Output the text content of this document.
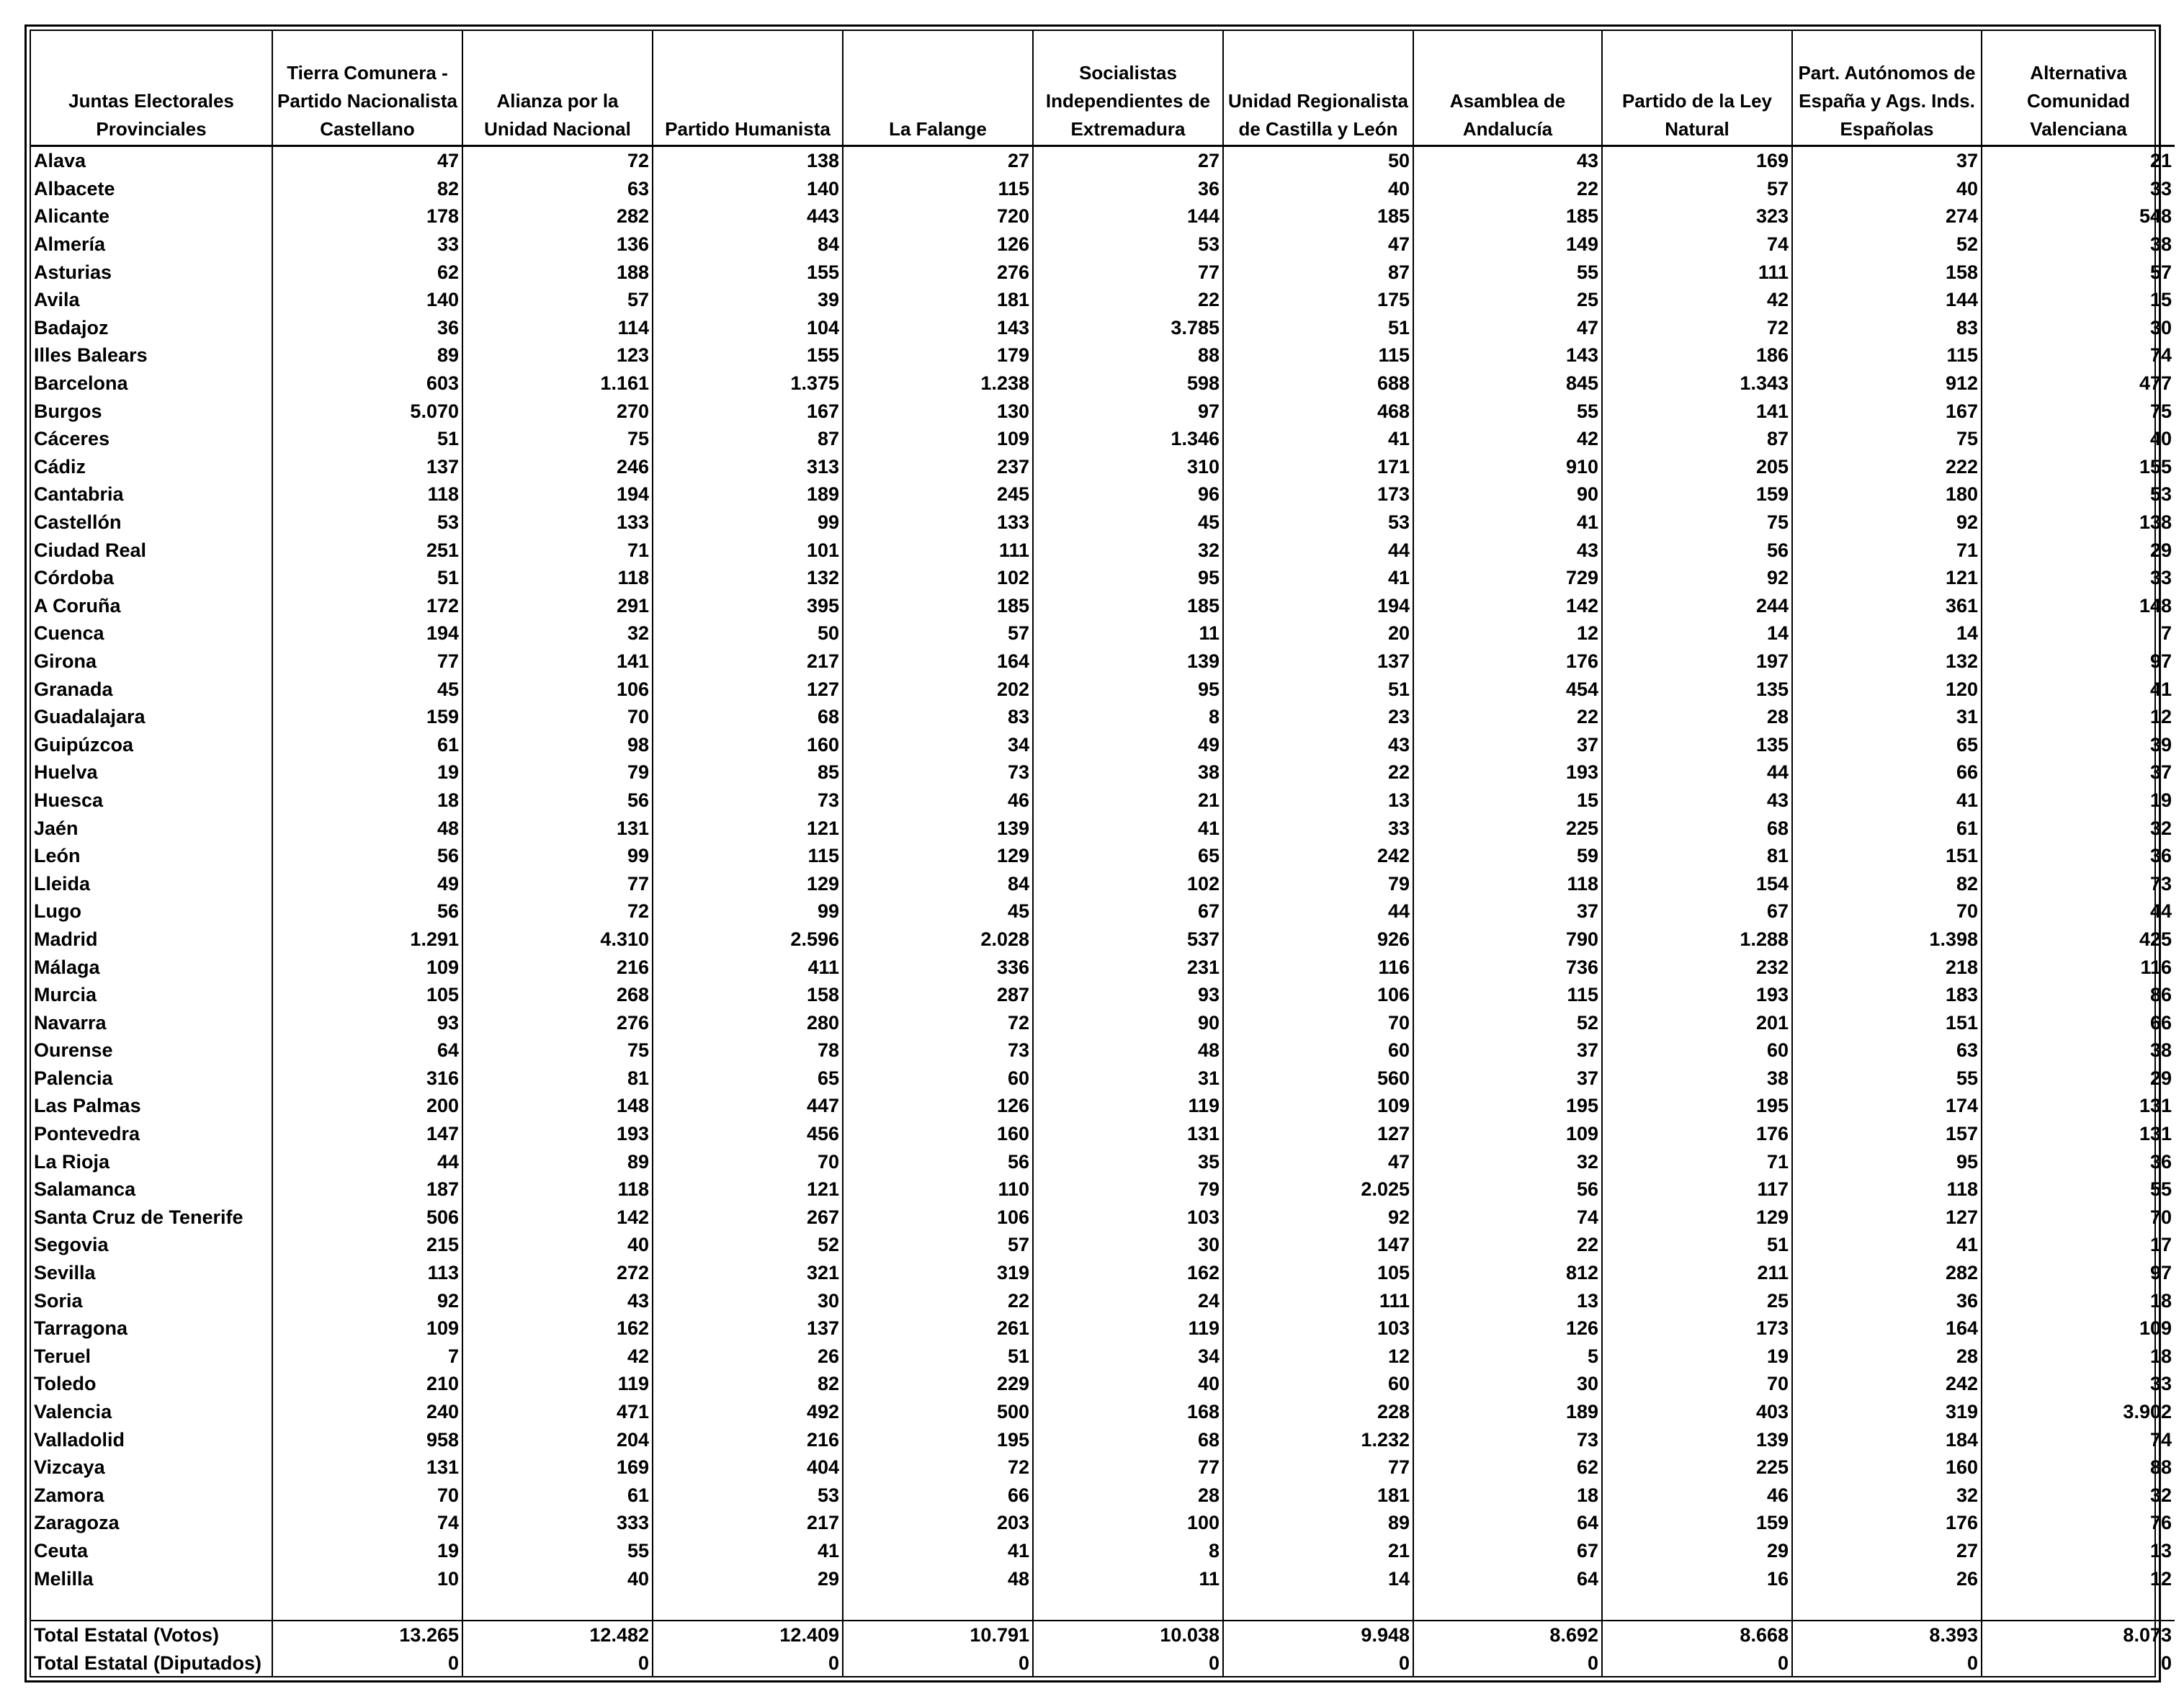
Juntas Electorales Provinciales	Tierra Comunera - Partido Nacionalista Castellano	Alianza por la Unidad Nacional	Partido Humanista	La Falange	Socialistas Independientes de Extremadura	Unidad Regionalista de Castilla y León	Asamblea de Andalucía	Partido de la Ley Natural	Part. Autónomos de España y Ags. Inds. Españolas	Alternativa Comunidad Valenciana
Alava	47	72	138	27	27	50	43	169	37	21
Albacete	82	63	140	115	36	40	22	57	40	33
Alicante	178	282	443	720	144	185	185	323	274	548
Almería	33	136	84	126	53	47	149	74	52	38
Asturias	62	188	155	276	77	87	55	111	158	57
Avila	140	57	39	181	22	175	25	42	144	15
Badajoz	36	114	104	143	3.785	51	47	72	83	30
Illes Balears	89	123	155	179	88	115	143	186	115	74
Barcelona	603	1.161	1.375	1.238	598	688	845	1.343	912	477
Burgos	5.070	270	167	130	97	468	55	141	167	75
Cáceres	51	75	87	109	1.346	41	42	87	75	40
Cádiz	137	246	313	237	310	171	910	205	222	155
Cantabria	118	194	189	245	96	173	90	159	180	53
Castellón	53	133	99	133	45	53	41	75	92	138
Ciudad Real	251	71	101	111	32	44	43	56	71	29
Córdoba	51	118	132	102	95	41	729	92	121	33
A Coruña	172	291	395	185	185	194	142	244	361	148
Cuenca	194	32	50	57	11	20	12	14	14	7
Girona	77	141	217	164	139	137	176	197	132	97
Granada	45	106	127	202	95	51	454	135	120	41
Guadalajara	159	70	68	83	8	23	22	28	31	12
Guipúzcoa	61	98	160	34	49	43	37	135	65	39
Huelva	19	79	85	73	38	22	193	44	66	37
Huesca	18	56	73	46	21	13	15	43	41	19
Jaén	48	131	121	139	41	33	225	68	61	32
León	56	99	115	129	65	242	59	81	151	36
Lleida	49	77	129	84	102	79	118	154	82	73
Lugo	56	72	99	45	67	44	37	67	70	44
Madrid	1.291	4.310	2.596	2.028	537	926	790	1.288	1.398	425
Málaga	109	216	411	336	231	116	736	232	218	116
Murcia	105	268	158	287	93	106	115	193	183	86
Navarra	93	276	280	72	90	70	52	201	151	66
Ourense	64	75	78	73	48	60	37	60	63	38
Palencia	316	81	65	60	31	560	37	38	55	29
Las Palmas	200	148	447	126	119	109	195	195	174	131
Pontevedra	147	193	456	160	131	127	109	176	157	131
La Rioja	44	89	70	56	35	47	32	71	95	36
Salamanca	187	118	121	110	79	2.025	56	117	118	55
Santa Cruz de Tenerife	506	142	267	106	103	92	74	129	127	70
Segovia	215	40	52	57	30	147	22	51	41	17
Sevilla	113	272	321	319	162	105	812	211	282	97
Soria	92	43	30	22	24	111	13	25	36	18
Tarragona	109	162	137	261	119	103	126	173	164	109
Teruel	7	42	26	51	34	12	5	19	28	18
Toledo	210	119	82	229	40	60	30	70	242	33
Valencia	240	471	492	500	168	228	189	403	319	3.902
Valladolid	958	204	216	195	68	1.232	73	139	184	74
Vizcaya	131	169	404	72	77	77	62	225	160	88
Zamora	70	61	53	66	28	181	18	46	32	32
Zaragoza	74	333	217	203	100	89	64	159	176	76
Ceuta	19	55	41	41	8	21	67	29	27	13
Melilla	10	40	29	48	11	14	64	16	26	12

Total Estatal (Votos)	13.265	12.482	12.409	10.791	10.038	9.948	8.692	8.668	8.393	8.073
Total Estatal (Diputados)	0	0	0	0	0	0	0	0	0	0
